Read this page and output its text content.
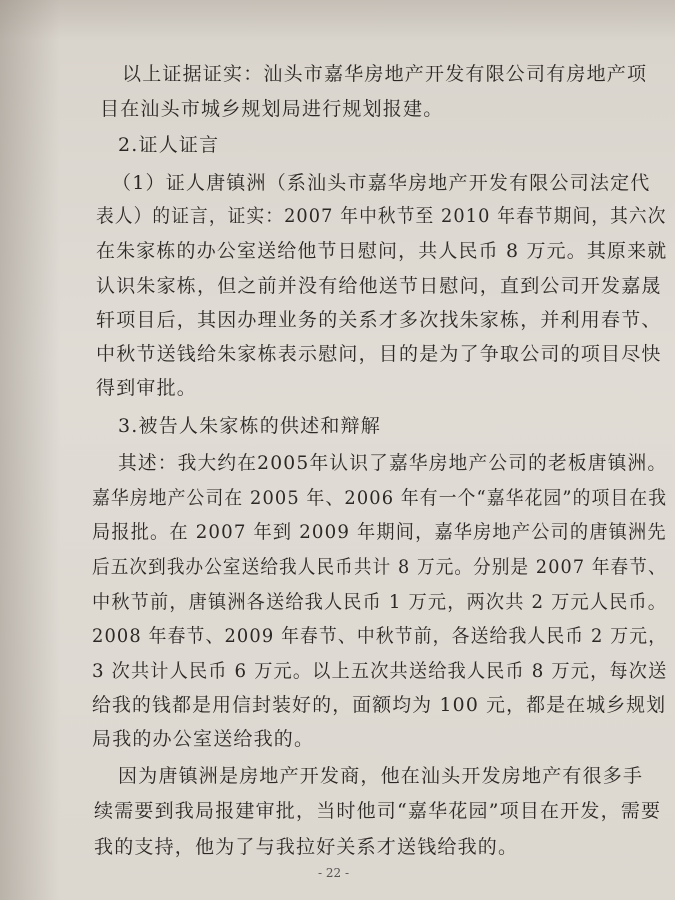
以上证据证实：汕头市嘉华房地产开发有限公司有房地产项
目在汕头市城乡规划局进行规划报建。
2.证人证言
（1）证人唐镇洲（系汕头市嘉华房地产开发有限公司法定代
表人）的证言，证实：2007 年中秋节至 2010 年春节期间，其六次
在朱家栋的办公室送给他节日慰问，共人民币 8 万元。其原来就
认识朱家栋，但之前并没有给他送节日慰问，直到公司开发嘉晟
轩项目后，其因办理业务的关系才多次找朱家栋，并利用春节、
中秋节送钱给朱家栋表示慰问，目的是为了争取公司的项目尽快
得到审批。
3.被告人朱家栋的供述和辩解
其述：我大约在2005年认识了嘉华房地产公司的老板唐镇洲。
嘉华房地产公司在 2005 年、2006 年有一个“嘉华花园”的项目在我
局报批。在 2007 年到 2009 年期间，嘉华房地产公司的唐镇洲先
后五次到我办公室送给我人民币共计 8 万元。分别是 2007 年春节、
中秋节前，唐镇洲各送给我人民币 1 万元，两次共 2 万元人民币。
2008 年春节、2009 年春节、中秋节前，各送给我人民币 2 万元，
3 次共计人民币 6 万元。以上五次共送给我人民币 8 万元，每次送
给我的钱都是用信封装好的，面额均为 100 元，都是在城乡规划
局我的办公室送给我的。
因为唐镇洲是房地产开发商，他在汕头开发房地产有很多手
续需要到我局报建审批，当时他司“嘉华花园”项目在开发，需要
我的支持，他为了与我拉好关系才送钱给我的。
- 22 -
